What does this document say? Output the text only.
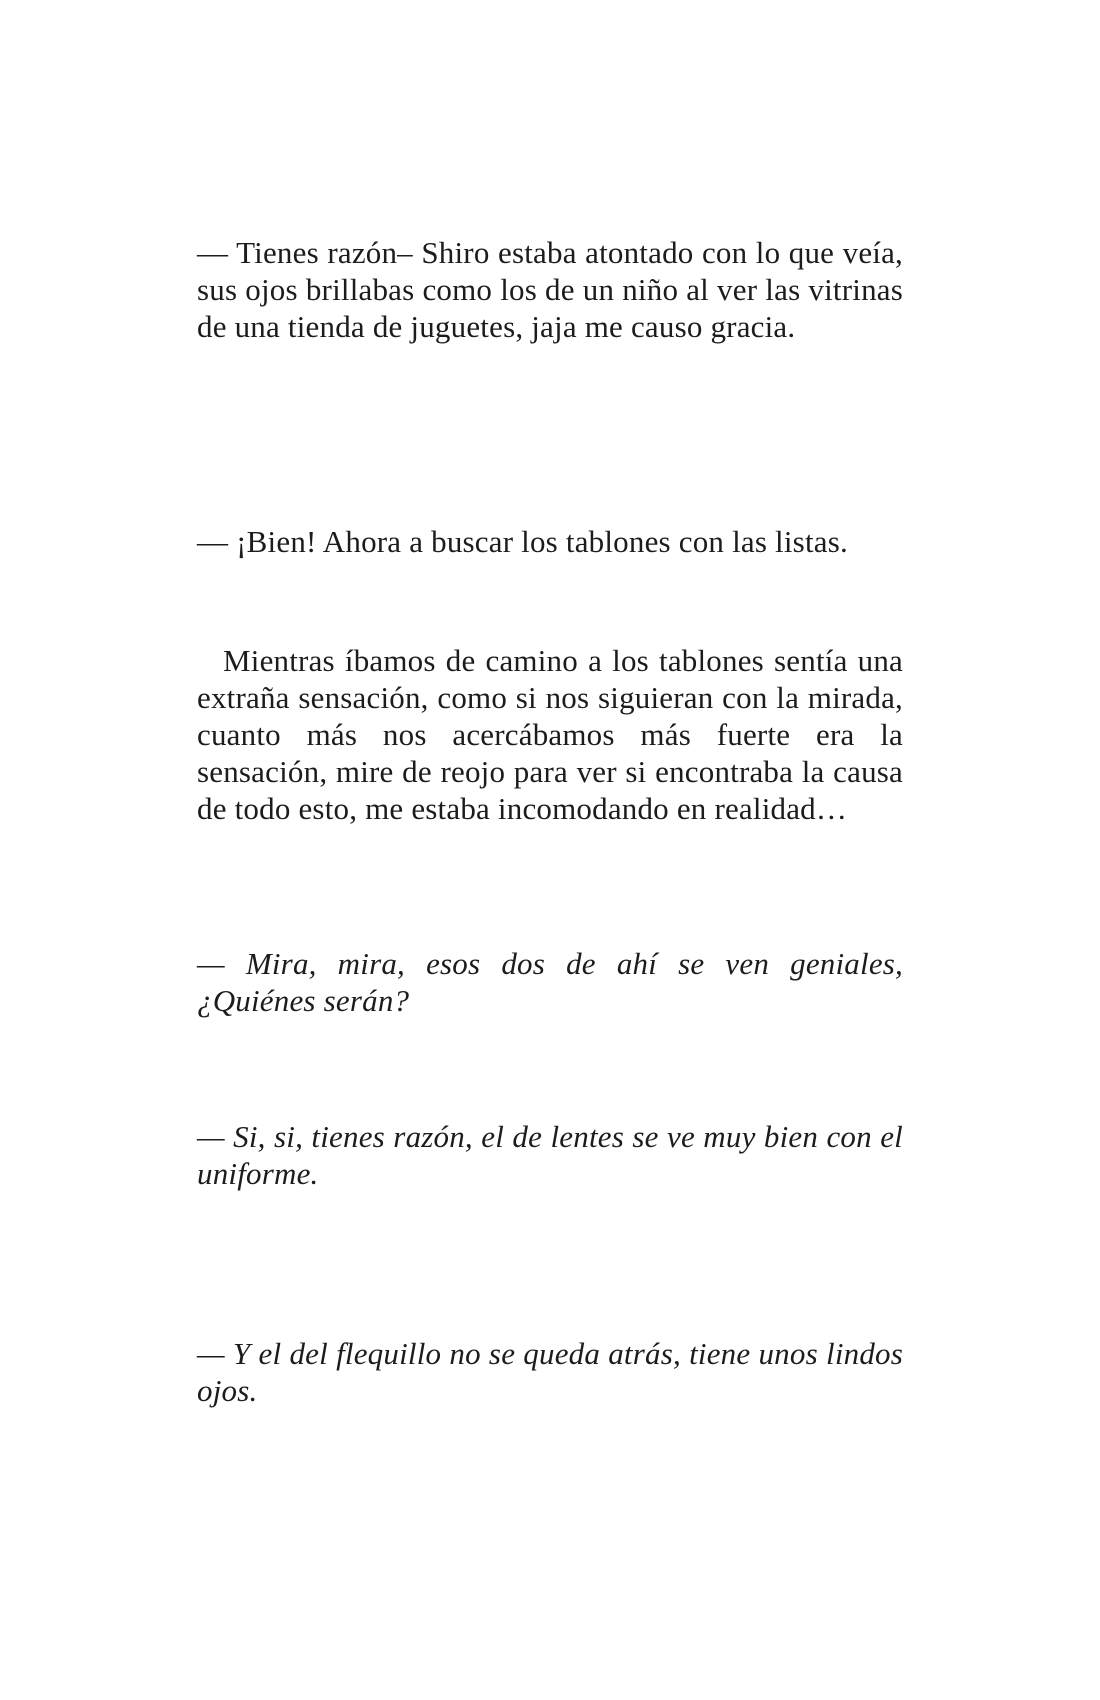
— Tienes razón– Shiro estaba atontado con lo que veía, sus ojos brillabas como los de un niño al ver las vitrinas de una tienda de juguetes, jaja me causo gracia.

— ¡Bien! Ahora a buscar los tablones con las listas.

Mientras íbamos de camino a los tablones sentía una extraña sensación, como si nos siguieran con la mirada, cuanto más nos acercábamos más fuerte era la sensación, mire de reojo para ver si encontraba la causa de todo esto, me estaba incomodando en realidad…

— Mira, mira, esos dos de ahí se ven geniales, ¿Quiénes serán?

— Si, si, tienes razón, el de lentes se ve muy bien con el uniforme.

— Y el del flequillo no se queda atrás, tiene unos lindos ojos.
